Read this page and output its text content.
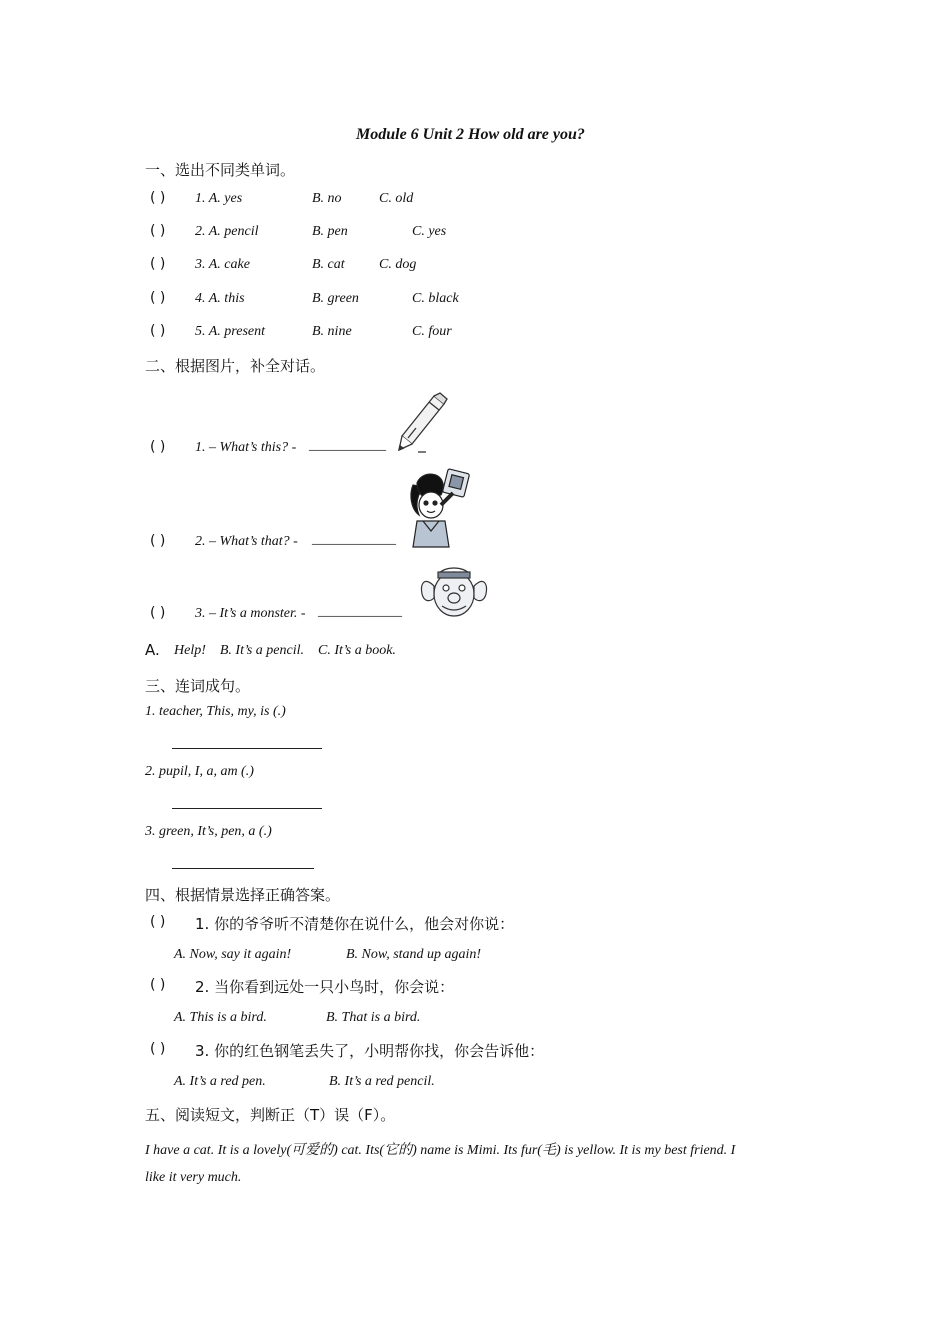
Module 6 Unit 2 How old are you?
一、选出不同类单词。
( ) 1. A. yes	B. no	C. old
( ) 2. A. pencil	B. pen	C. yes
( ) 3. A. cake	B. cat C. dog
( ) 4. A. this	B. green	C. black
( ) 5. A. present	B. nine	C. four
二、根据图片，补全对话。
( ) 1. – What’s this? - ___________
( ) 2. – What’s that? - ____________
( ) 3. – It’s a monster. - ____________
A. Help!    B. It’s a pencil.    C. It’s a book.
三、连词成句。
1. teacher, This, my, is (.)
2. pupil, I, a, am (.)
3. green, It’s, pen, a (.)
四、根据情景选择正确答案。
( ) 1. 你的爷爷听不清楚你在说什么，他会对你说：
A. Now, say it again!	B. Now, stand up again!
( ) 2. 当你看到远处一只小鸟时，你会说：
A. This is a bird.	B. That is a bird.
( ) 3. 你的红色钢笔丢失了，小明帮你找，你会告诉他：
A. It’s a red pen.	B. It’s a red pencil.
五、阅读短文，判断正（T）误（F）。
I have a cat. It is a lovely(可爱的) cat. Its(它的) name is Mimi. Its fur(毛) is yellow. It is my best friend. I
like it very much.
